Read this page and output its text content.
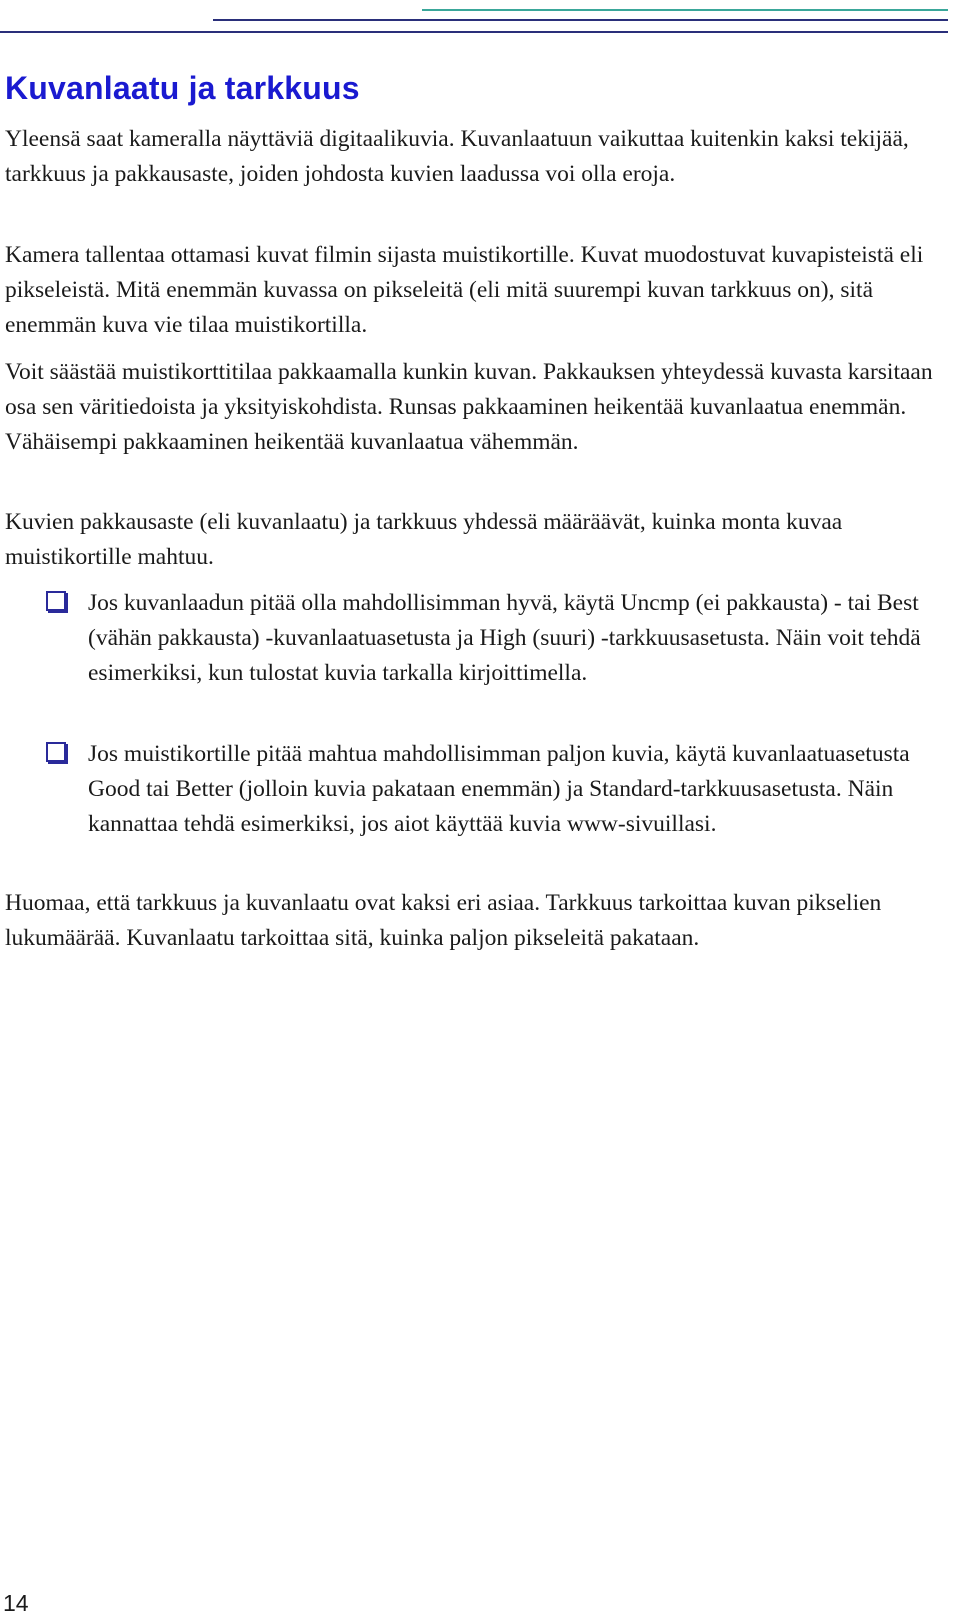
Kuvanlaatu ja tarkkuus

Yleensä saat kameralla näyttäviä digitaalikuvia. Kuvanlaatuun vaikuttaa kuitenkin kaksi tekijää, tarkkuus ja pakkausaste, joiden johdosta kuvien laadussa voi olla eroja.

Kamera tallentaa ottamasi kuvat filmin sijasta muistikortille. Kuvat muodostuvat kuvapisteistä eli pikseleistä. Mitä enemmän kuvassa on pikseleitä (eli mitä suurempi kuvan tarkkuus on), sitä enemmän kuva vie tilaa muistikortilla.

Voit säästää muistikorttitilaa pakkaamalla kunkin kuvan. Pakkauksen yhteydessä kuvasta karsitaan osa sen väritiedoista ja yksityiskohdista. Runsas pakkaaminen heikentää kuvanlaatua enemmän. Vähäisempi pakkaaminen heikentää kuvanlaatua vähemmän.

Kuvien pakkausaste (eli kuvanlaatu) ja tarkkuus yhdessä määräävät, kuinka monta kuvaa muistikortille mahtuu.

Jos kuvanlaadun pitää olla mahdollisimman hyvä, käytä Uncmp (ei pakkausta) - tai Best (vähän pakkausta) -kuvanlaatuasetusta ja High (suuri) -tarkkuusasetusta. Näin voit tehdä esimerkiksi, kun tulostat kuvia tarkalla kirjoittimella.

Jos muistikortille pitää mahtua mahdollisimman paljon kuvia, käytä kuvanlaatuasetusta Good tai Better (jolloin kuvia pakataan enemmän) ja Standard-tarkkuusasetusta. Näin kannattaa tehdä esimerkiksi, jos aiot käyttää kuvia www-sivuillasi.

Huomaa, että tarkkuus ja kuvanlaatu ovat kaksi eri asiaa. Tarkkuus tarkoittaa kuvan pikselien lukumäärää. Kuvanlaatu tarkoittaa sitä, kuinka paljon pikseleitä pakataan.

14
